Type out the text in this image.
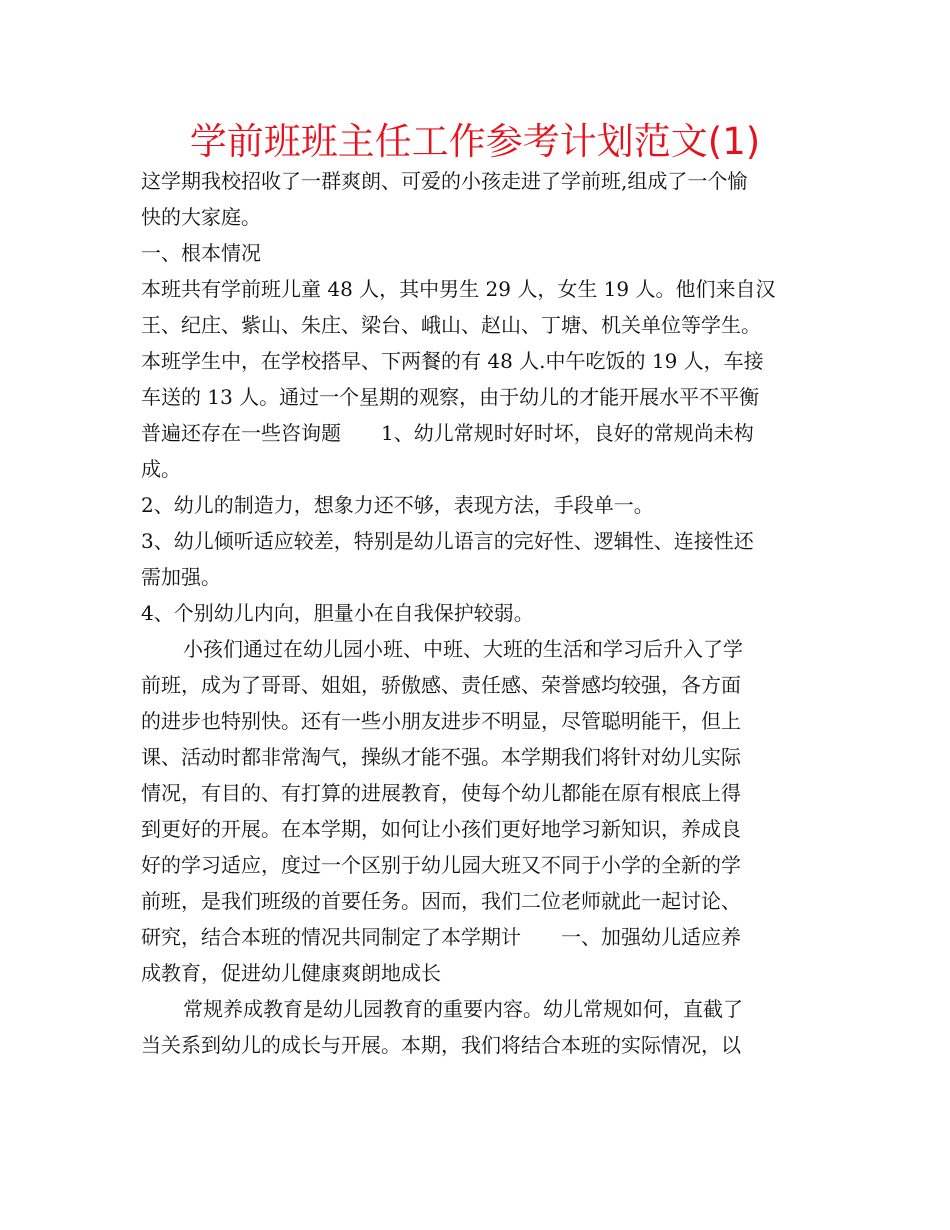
学前班班主任工作参考计划范文(1)
这学期我校招收了一群爽朗、可爱的小孩走进了学前班,组成了一个愉
快的大家庭。
一、根本情况
本班共有学前班儿童 48 人，其中男生 29 人，女生 19 人。他们来自汉
王、纪庄、紫山、朱庄、梁台、峨山、赵山、丁塘、机关单位等学生。
本班学生中，在学校搭早、下两餐的有 48 人.中午吃饭的 19 人，车接
车送的 13 人。通过一个星期的观察，由于幼儿的才能开展水平不平衡
普遍还存在一些咨询题　　1、幼儿常规时好时坏，良好的常规尚未构
成。
2、幼儿的制造力，想象力还不够，表现方法，手段单一。
3、幼儿倾听适应较差，特别是幼儿语言的完好性、逻辑性、连接性还
需加强。
4、个别幼儿内向，胆量小在自我保护较弱。
小孩们通过在幼儿园小班、中班、大班的生活和学习后升入了学
前班，成为了哥哥、姐姐，骄傲感、责任感、荣誉感均较强，各方面
的进步也特别快。还有一些小朋友进步不明显，尽管聪明能干，但上
课、活动时都非常淘气，操纵才能不强。本学期我们将针对幼儿实际
情况，有目的、有打算的进展教育，使每个幼儿都能在原有根底上得
到更好的开展。在本学期，如何让小孩们更好地学习新知识，养成良
好的学习适应，度过一个区别于幼儿园大班又不同于小学的全新的学
前班，是我们班级的首要任务。因而，我们二位老师就此一起讨论、
研究，结合本班的情况共同制定了本学期计　　一、加强幼儿适应养
成教育，促进幼儿健康爽朗地成长
常规养成教育是幼儿园教育的重要内容。幼儿常规如何，直截了
当关系到幼儿的成长与开展。本期，我们将结合本班的实际情况，以
